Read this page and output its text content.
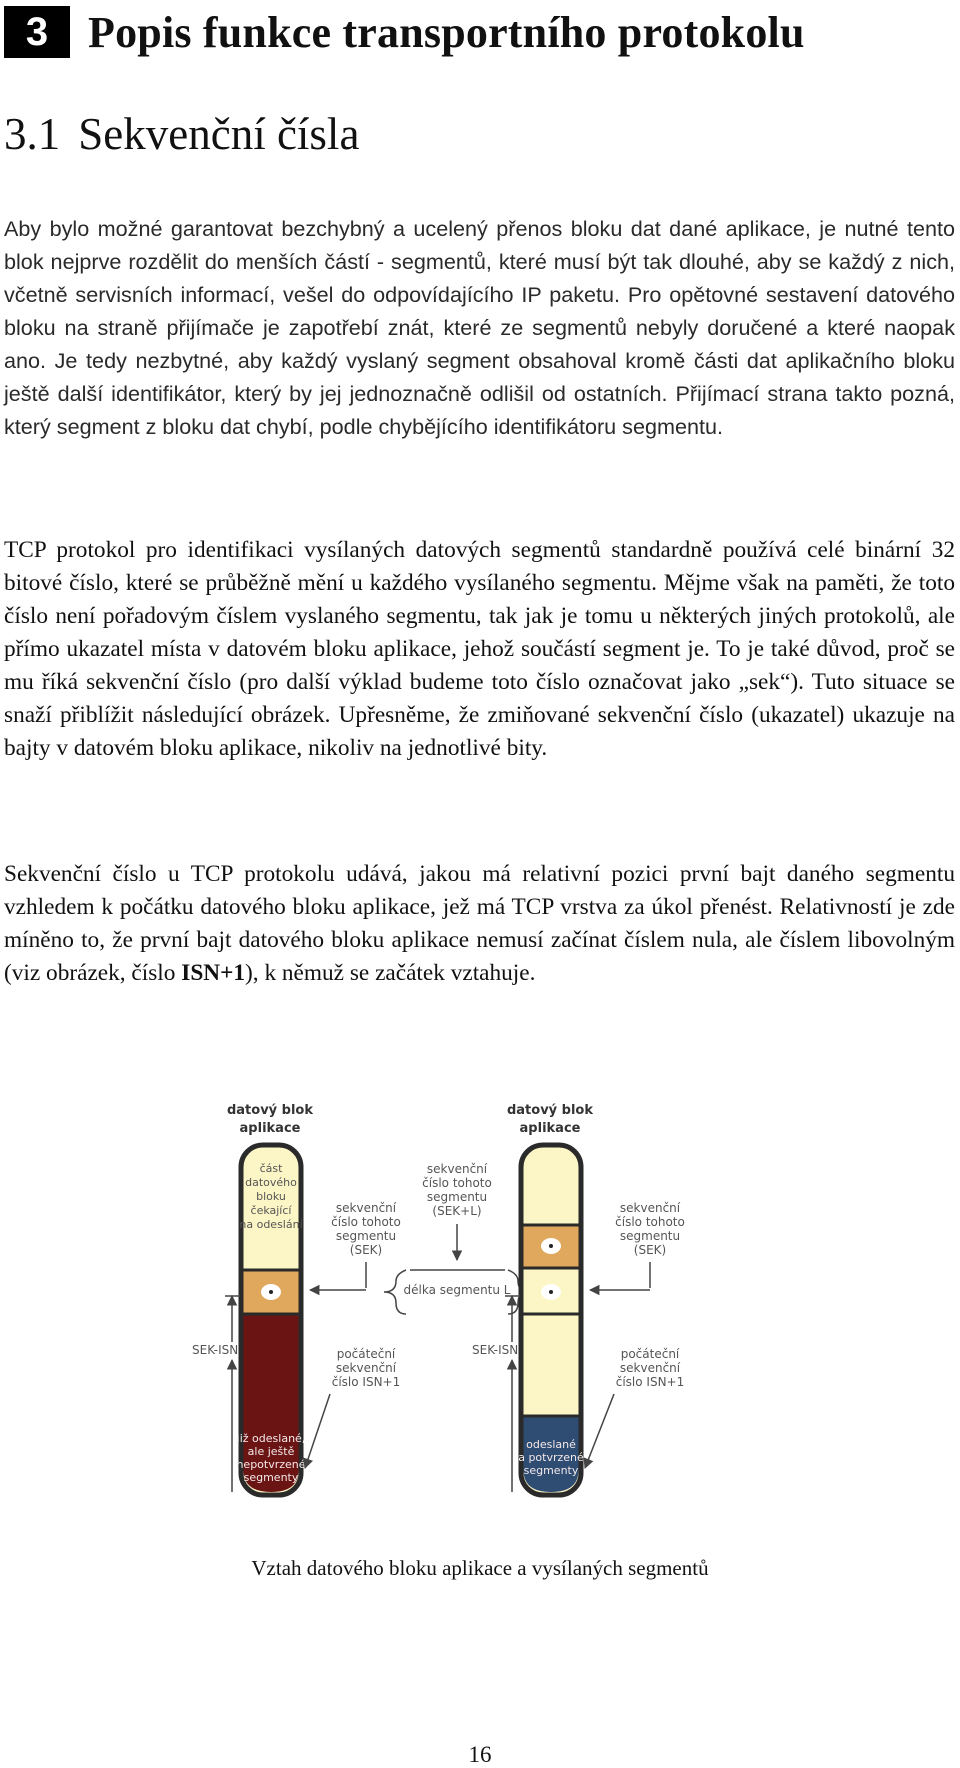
3 Popis funkce transportního protokolu
3.1 Sekvenční čísla

Aby bylo možné garantovat bezchybný a ucelený přenos bloku dat dané aplikace, je nutné tento blok nejprve rozdělit do menších částí - segmentů, které musí být tak dlouhé, aby se každý z nich, včetně servisních informací, vešel do odpovídajícího IP paketu. Pro opětovné sestavení datového bloku na straně přijímače je zapotřebí znát, které ze segmentů nebyly doručené a které naopak ano. Je tedy nezbytné, aby každý vyslaný segment obsahoval kromě části dat aplikačního bloku ještě další identifikátor, který by jej jednoznačně odlišil od ostatních. Přijímací strana takto pozná, který segment z bloku dat chybí, podle chybějícího identifikátoru segmentu.

TCP protokol pro identifikaci vysílaných datových segmentů standardně používá celé binární 32 bitové číslo, které se průběžně mění u každého vysílaného segmentu. Mějme však na paměti, že toto číslo není pořadovým číslem vyslaného segmentu, tak jak je tomu u některých jiných protokolů, ale přímo ukazatel místa v datovém bloku aplikace, jehož součástí segment je. To je také důvod, proč se mu říká sekvenční číslo (pro další výklad budeme toto číslo označovat jako „sek“). Tuto situace se snaží přiblížit následující obrázek. Upřesněme, že zmiňované sekvenční číslo (ukazatel) ukazuje na bajty v datovém bloku aplikace, nikoliv na jednotlivé bity.

Sekvenční číslo u TCP protokolu udává, jakou má relativní pozici první bajt daného segmentu vzhledem k počátku datového bloku aplikace, jež má TCP vrstva za úkol přenést. Relativností je zde míněno to, že první bajt datového bloku aplikace nemusí začínat číslem nula, ale číslem libovolným (viz obrázek, číslo ISN+1), k němuž se začátek vztahuje.

datový blok
aplikace
část
datového
bloku
čekající
na odeslání
již odeslané,
ale ještě
nepotvrzené
segmenty
SEK-ISN
sekvenční
číslo tohoto
segmentu
(SEK)
počáteční
sekvenční
číslo ISN+1
sekvenční
číslo tohoto
segmentu
(SEK+L)
délka segmentu L
datový blok
aplikace
odeslané
a potvrzené
segmenty
SEK-ISN
sekvenční
číslo tohoto
segmentu
(SEK)
počáteční
sekvenční
číslo ISN+1
Vztah datového bloku aplikace a vysílaných segmentů
16
